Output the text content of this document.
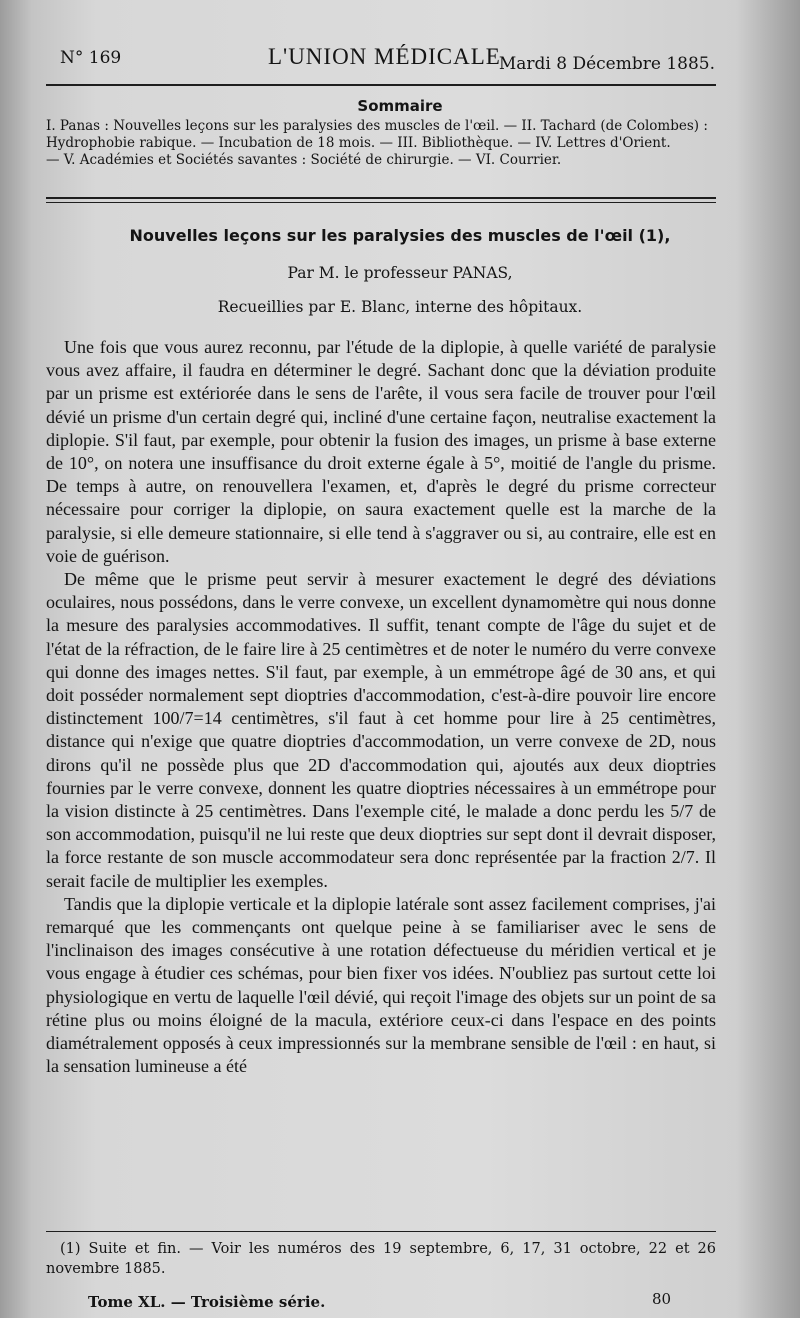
N° 169	L'UNION MÉDICALE
Mardi 8 Décembre 1885.
Sommaire
I. Panas : Nouvelles leçons sur les paralysies des muscles de l'œil. — II. Tachard (de Colombes) :
Hydrophobie rabique. — Incubation de 18 mois. — III. Bibliothèque. — IV. Lettres d'Orient.
— V. Académies et Sociétés savantes : Société de chirurgie. — VI. Courrier.
Nouvelles leçons sur les paralysies des muscles de l'œil (1),
Par M. le professeur PANAS,
Recueillies par E. Blanc, interne des hôpitaux.

Une fois que vous aurez reconnu, par l'étude de la diplopie, à quelle variété de paralysie vous avez affaire, il faudra en déterminer le degré. Sachant donc que la déviation produite par un prisme est extériorée dans le sens de l'arête, il vous sera facile de trouver pour l'œil dévié un prisme d'un certain degré qui, incliné d'une certaine façon, neutralise exactement la diplopie. S'il faut, par exemple, pour obtenir la fusion des images, un prisme à base externe de 10°, on notera une insuffisance du droit externe égale à 5°, moitié de l'angle du prisme. De temps à autre, on renouvellera l'examen, et, d'après le degré du prisme correcteur nécessaire pour corriger la diplopie, on saura exactement quelle est la marche de la paralysie, si elle demeure stationnaire, si elle tend à s'aggraver ou si, au contraire, elle est en voie de guérison.

De même que le prisme peut servir à mesurer exactement le degré des déviations oculaires, nous possédons, dans le verre convexe, un excellent dynamomètre qui nous donne la mesure des paralysies accommodatives. Il suffit, tenant compte de l'âge du sujet et de l'état de la réfraction, de le faire lire à 25 centimètres et de noter le numéro du verre convexe qui donne des images nettes. S'il faut, par exemple, à un emmétrope âgé de 30 ans, et qui doit posséder normalement sept dioptries d'accommodation, c'est-à-dire pouvoir lire encore distinctement 100/7=14 centimètres, s'il faut à cet homme pour lire à 25 centimètres, distance qui n'exige que quatre dioptries d'accommodation, un verre convexe de 2D, nous dirons qu'il ne possède plus que 2D d'accommodation qui, ajoutés aux deux dioptries fournies par le verre convexe, donnent les quatre dioptries nécessaires à un emmétrope pour la vision distincte à 25 centimètres. Dans l'exemple cité, le malade a donc perdu les 5/7 de son accommodation, puisqu'il ne lui reste que deux dioptries sur sept dont il devrait disposer, la force restante de son muscle accommodateur sera donc représentée par la fraction 2/7. Il serait facile de multiplier les exemples.

Tandis que la diplopie verticale et la diplopie latérale sont assez facilement comprises, j'ai remarqué que les commençants ont quelque peine à se familiariser avec le sens de l'inclinaison des images consécutive à une rotation défectueuse du méridien vertical et je vous engage à étudier ces schémas, pour bien fixer vos idées. N'oubliez pas surtout cette loi physiologique en vertu de laquelle l'œil dévié, qui reçoit l'image des objets sur un point de sa rétine plus ou moins éloigné de la macula, extériore ceux-ci dans l'espace en des points diamétralement opposés à ceux impressionnés sur la membrane sensible de l'œil : en haut, si la sensation lumineuse a été

(1) Suite et fin. — Voir les numéros des 19 septembre, 6, 17, 31 octobre, 22 et 26 novembre 1885.
Tome XL. — Troisième série.	80
